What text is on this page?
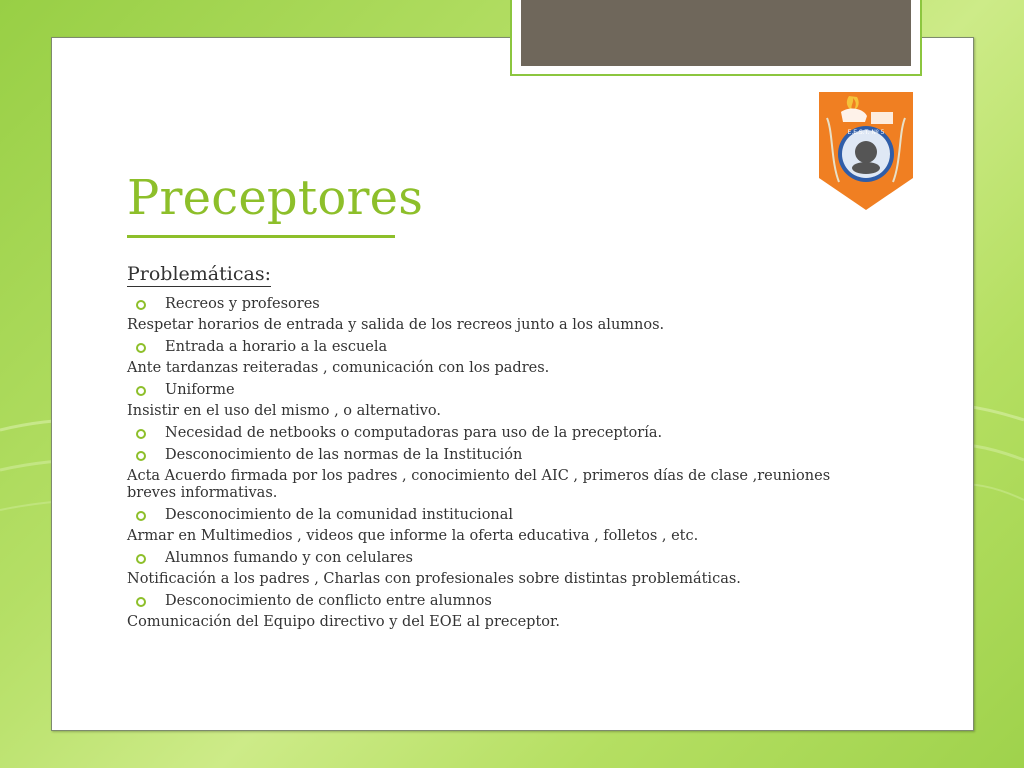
E.E.S.T. Nº 5
Preceptores
Problemáticas:
Recreos y profesores
Respetar horarios de entrada y salida de los recreos junto a los alumnos.
Entrada a horario a la escuela
Ante tardanzas reiteradas , comunicación con los padres.
Uniforme
Insistir en el uso del mismo , o alternativo.
Necesidad de netbooks o computadoras para uso de la preceptoría.
Desconocimiento de las normas de la Institución
Acta Acuerdo firmada por los padres , conocimiento del AIC , primeros días de clase ,reuniones breves informativas.
Desconocimiento de la comunidad institucional
Armar en Multimedios , videos que informe la oferta educativa , folletos , etc.
Alumnos fumando y con celulares
Notificación a los padres , Charlas con profesionales sobre distintas problemáticas.
Desconocimiento de conflicto entre alumnos
Comunicación del Equipo directivo y del EOE al preceptor.
